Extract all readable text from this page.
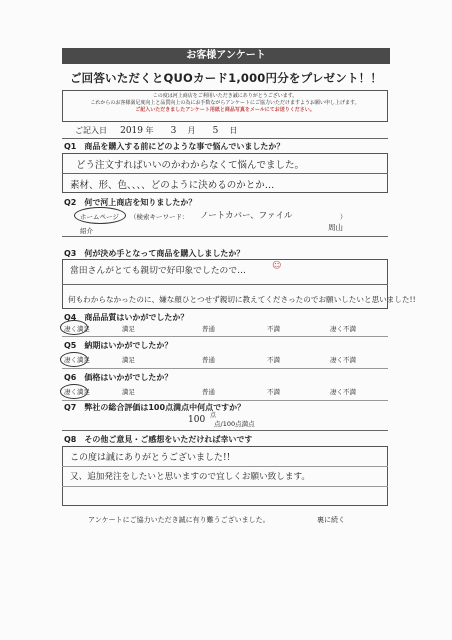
お客様アンケート
ご回答いただくとQUOカード1,000円分をプレゼント！！
この度は河上商店をご利用いただき誠にありがとうございます。
これからのお客様満足度向上と品質向上の為にお手数ながらアンケートにご協力いただけますようお願い申し上げます。
ご記入いただきましたアンケート用紙と商品写真をメールにてお送りください。
ご記入日 2019 年 3 月 5 日
Q1　商品を購入する前にどのような事で悩んでいましたか？
どう注文すればいいのかわからなくて悩んでました。
素材、形、色、、、、どのように決めるのかとか…
Q2　何で河上商店を知りましたか？
ホームページ （検索キーワード： ノートカバー、ファイル	）
紹介	周山
Q3　何が決め手となって商品を購入しましたか？
當田さんがとても親切で好印象でしたので…	☺
何もわからなかったのに、嫌な顔ひとつせず親切に教えてくださったのでお願いしたいと思いました!!
Q4　商品品質はいかがでしたか？
凄く満足	満足	普通	不満	凄く不満
Q5　納期はいかがでしたか？
凄く満足	満足	普通	不満	凄く不満
Q6　価格はいかがでしたか？
凄く満足	満足	普通	不満	凄く不満
Q7　弊社の総合評価は100点満点中何点ですか？
100 点
点/100点満点
Q8　その他ご意見・ご感想をいただければ幸いです
この度は誠にありがとうございました!!
又、追加発注をしたいと思いますので宜しくお願い致します。
アンケートにご協力いただき誠に有り難うございました。	裏に続く
